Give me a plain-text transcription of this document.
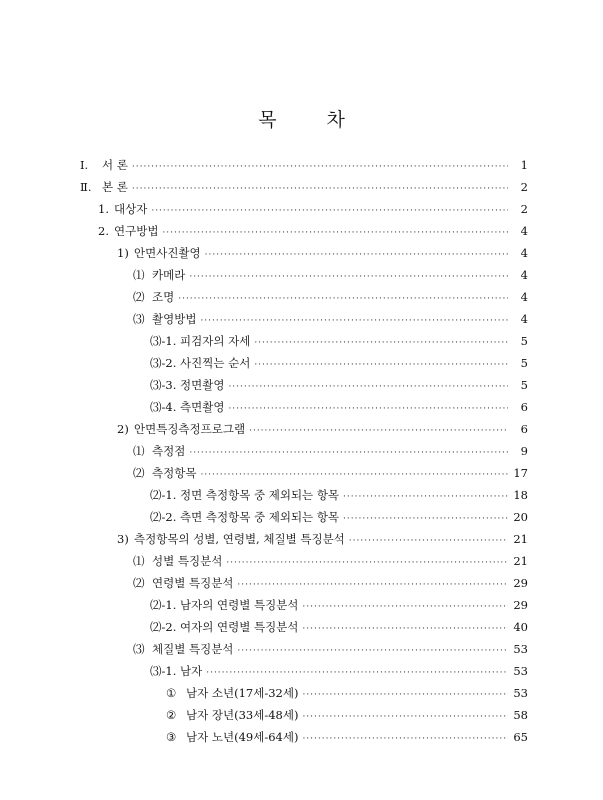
목 차
Ⅰ.	서 론 ·····	1
Ⅱ. 본 론 ·····	2
1. 대상자 ·····	2
2. 연구방법 ·····	4
1) 안면사진촬영 ·····	4
⑴ 카메라 ·····	4
⑵ 조명 ·····	4
⑶ 촬영방법 ·····	4
⑶-1. 피검자의 자세 ·····	5
⑶-2. 사진찍는 순서 ·····	5
⑶-3. 정면촬영 ·····	5
⑶-4. 측면촬영 ·····	6
2) 안면특징측정프로그램 ·····	6
⑴ 측정점 ·····	9
⑵ 측정항목 ·····	17
⑵-1. 정면 측정항목 중 제외되는 항목 ·····	18
⑵-2. 측면 측정항목 중 제외되는 항목 ·····	20
3) 측정항목의 성별, 연령별, 체질별 특징분석 ·····	21
⑴ 성별 특징분석 ·····	21
⑵ 연령별 특징분석 ·····	29
⑵-1. 남자의 연령별 특징분석 ·····	29
⑵-2. 여자의 연령별 특징분석 ·····	40
⑶ 체질별 특징분석 ·····	53
⑶-1. 남자 ·····	53
① 남자 소년(17세-32세) ·····	53
② 남자 장년(33세-48세) ·····	58
③ 남자 노년(49세-64세) ·····	65
